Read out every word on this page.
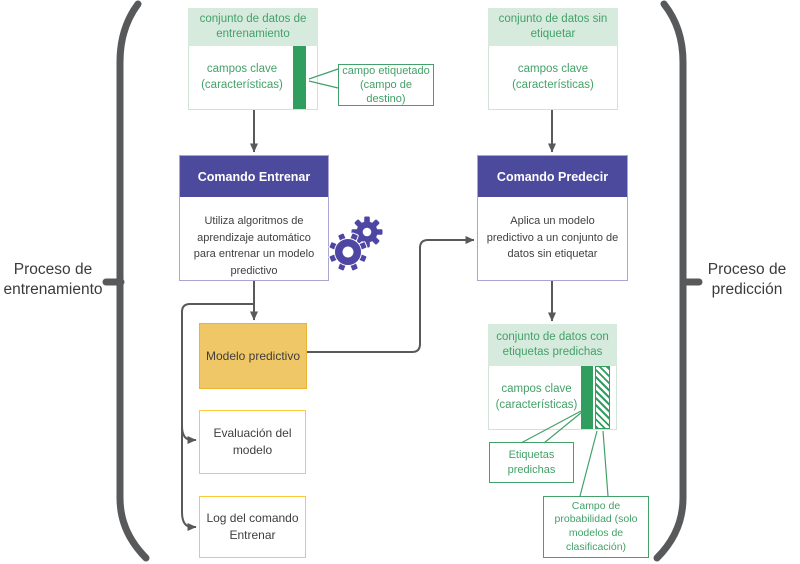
Proceso de entrenamiento
Proceso de predicción
conjunto de datos de entrenamiento
campos clave (características)
campo etiquetado (campo de destino)
conjunto de datos sin etiquetar
campos clave (características)
Comando Entrenar
Utiliza algoritmos de aprendizaje automático para entrenar un modelo predictivo
Comando Predecir
Aplica un modelo predictivo a un conjunto de datos sin etiquetar
Modelo predictivo
Evaluación del modelo
Log del comando Entrenar
conjunto de datos con etiquetas predichas
campos clave (características)
Etiquetas predichas
Campo de probabilidad (solo modelos de clasificación)
